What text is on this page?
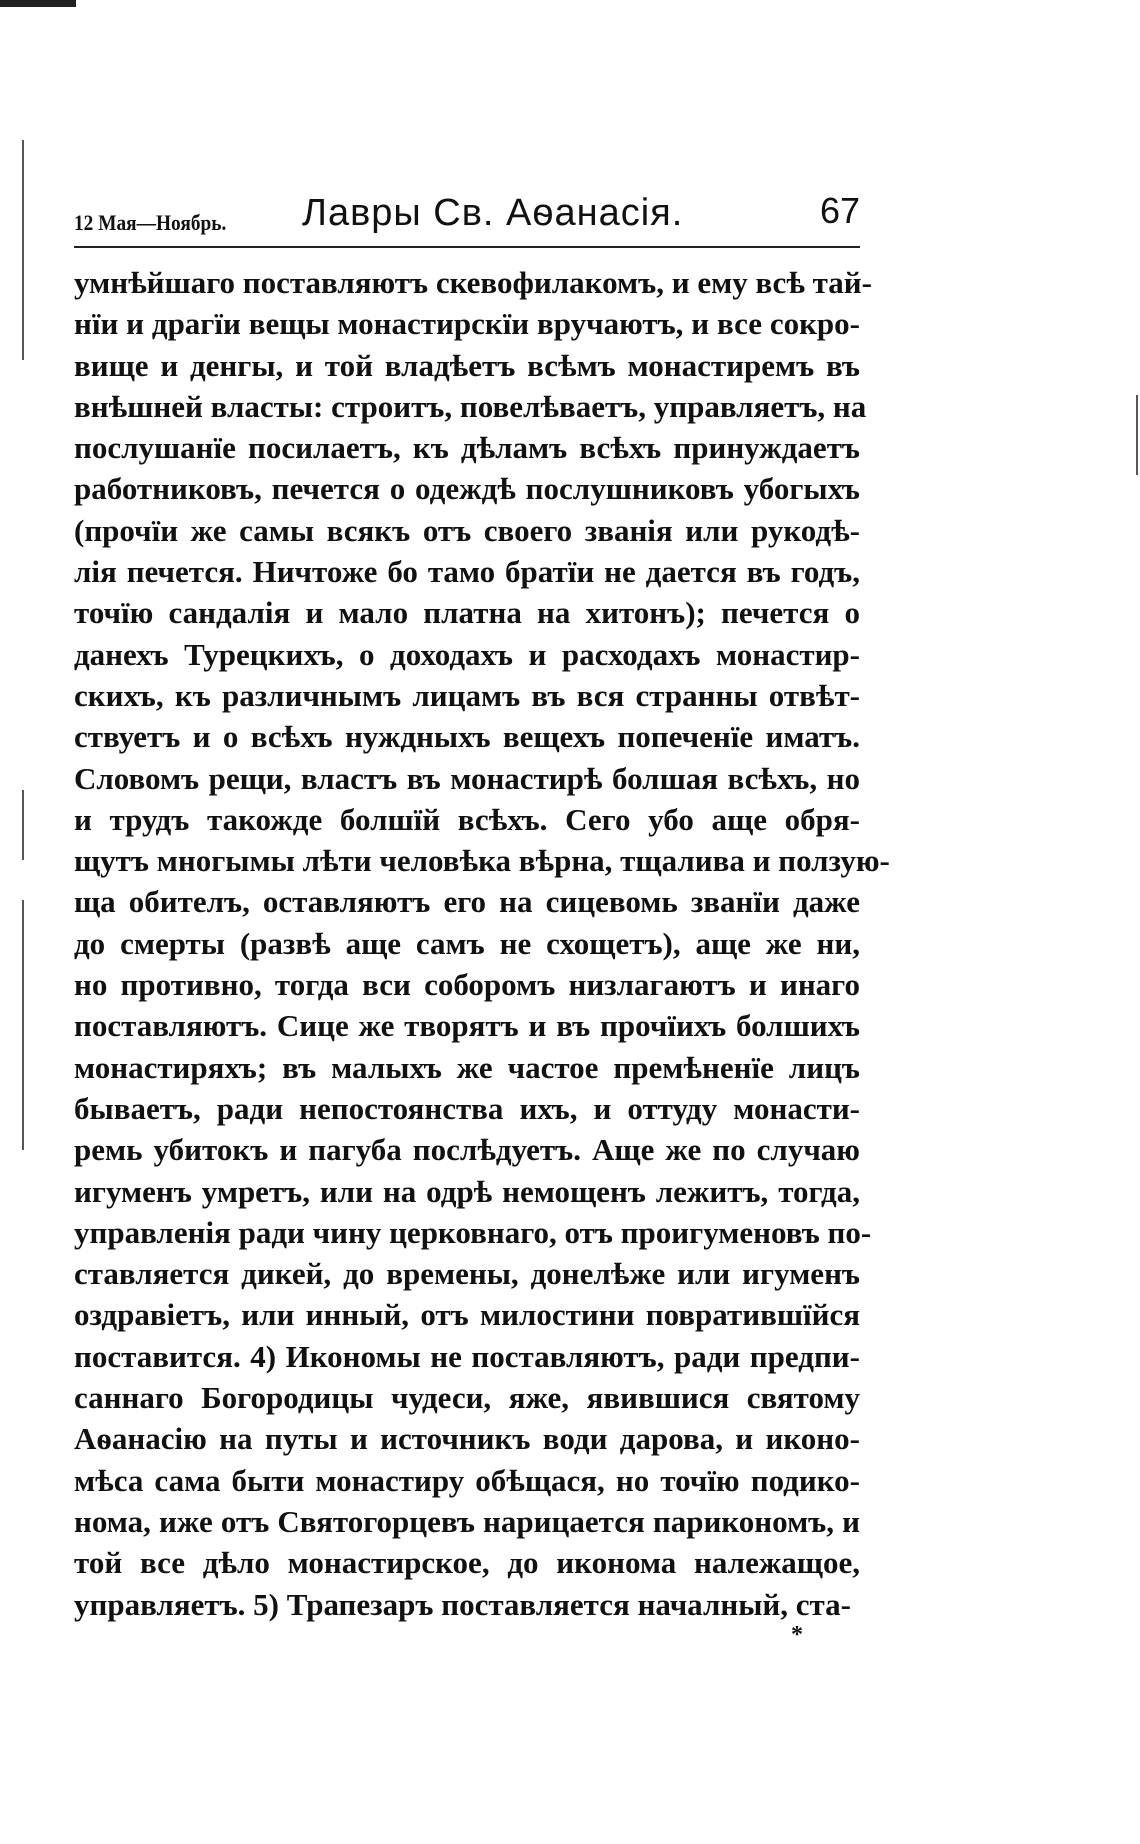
12 Мая—Ноябрь. Лавры Св. Аѳанасія.	67
умнѣйшаго поставляютъ скевофилакомъ, и ему всѣ тай-
нїи и драгїи вещы монастирскїи вручаютъ, и все сокро-
вище и денгы, и той владѣетъ всѣмъ монастиремъ въ
внѣшней власты: строитъ, повелѣваетъ, управляетъ, на
послушанїе посилаетъ, къ дѣламъ всѣхъ принуждаетъ
работниковъ, печется о одеждѣ послушниковъ убогыхъ
(прочїи же самы всякъ отъ своего званія или рукодѣ-
лія печется. Ничтоже бо тамо братїи не дается въ годъ,
точїю сандалія и мало платна на хитонъ); печется о
данехъ Турецкихъ, о доходахъ и расходахъ монастир-
скихъ, къ различнымъ лицамъ въ вся странны отвѣт-
ствуетъ и о всѣхъ нуждныхъ вещехъ попеченїе иматъ.
Словомъ рещи, властъ въ монастирѣ болшая всѣхъ, но
и трудъ такожде болшїй всѣхъ. Сего убо аще обря-
щутъ многымы лѣти человѣка вѣрна, тщалива и ползую-
ща обителъ, оставляютъ его на сицевомь званїи даже
до смерты (развѣ аще самъ не схощетъ), аще же ни,
но противно, тогда вси соборомъ низлагаютъ и инаго
поставляютъ. Сице же творятъ и въ прочїихъ болшихъ
монастиряхъ; въ малыхъ же частое премѣненїе лицъ
бываетъ, ради непостоянства ихъ, и оттуду монасти-
ремь убитокъ и пагуба послѣдуетъ. Аще же по случаю
игуменъ умретъ, или на одрѣ немощенъ лежитъ, тогда,
управленія ради чину церковнаго, отъ проигуменовъ по-
ставляется дикей, до времены, донелѣже или игуменъ
оздравіетъ, или инный, отъ милостини повратившїйся
поставится. 4) Икономы не поставляютъ, ради предпи-
саннаго Богородицы чудеси, яже, явившися святому
Аѳанасію на путы и источникъ води дарова, и иконо-
мѣса сама быти монастиру обѣщася, но точїю подико-
нома, иже отъ Святогорцевъ нарицается парикономъ, и
той все дѣло монастирское, до иконома належащое,
управляетъ. 5) Трапезаръ поставляется началный, ста-
*
